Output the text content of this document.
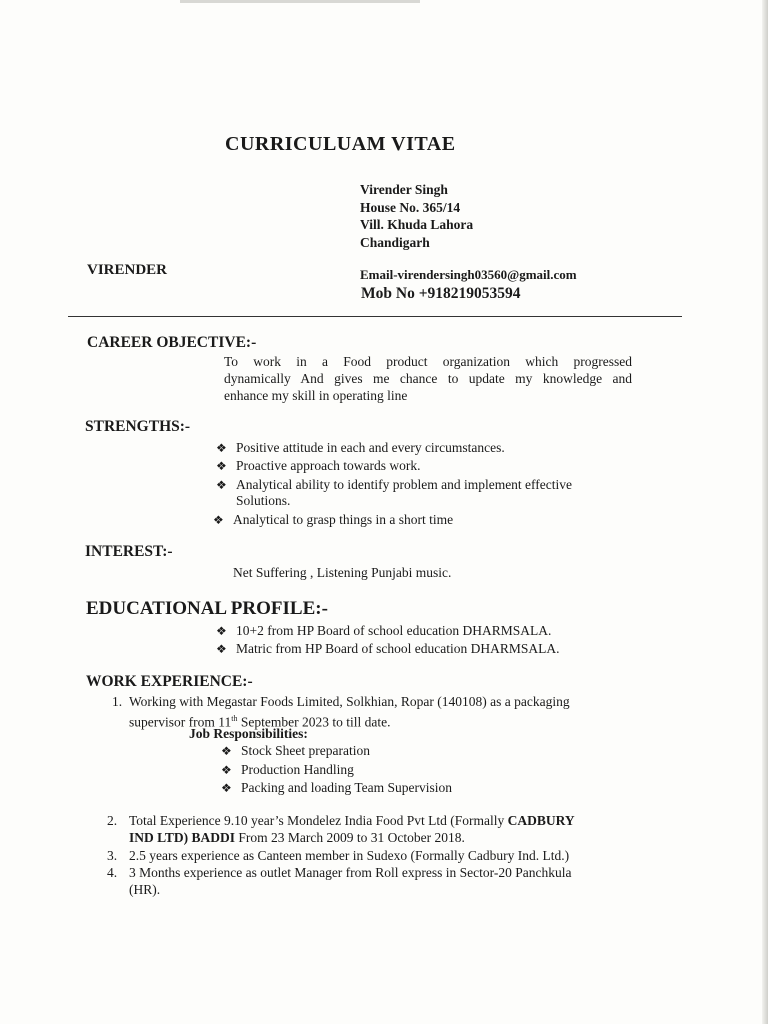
CURRICULUAM VITAE
Virender Singh
House No. 365/14
Vill. Khuda Lahora
Chandigarh
VIRENDER	Email-virendersingh03560@gmail.com
Mob No +918219053594
CAREER OBJECTIVE:-
To work in a Food product organization which progressed
dynamically And gives me chance to update my knowledge and
enhance my skill in operating line
STRENGTHS:-
❖ Positive attitude in each and every circumstances.
❖ Proactive approach towards work.
❖ Analytical ability to identify problem and implement effective
Solutions.
❖ Analytical to grasp things in a short time
INTEREST:-
Net Suffering , Listening Punjabi music.
EDUCATIONAL PROFILE:-
❖ 10+2 from HP Board of school education DHARMSALA.
❖ Matric from HP Board of school education DHARMSALA.
WORK EXPERIENCE:-
1. Working with Megastar Foods Limited, Solkhian, Ropar (140108) as a packaging
supervisor from 11th September 2023 to till date.
Job Responsibilities:
❖ Stock Sheet preparation
❖ Production Handling
❖ Packing and loading Team Supervision
2. Total Experience 9.10 year’s Mondelez India Food Pvt Ltd (Formally CADBURY
IND LTD) BADDI From 23 March 2009 to 31 October 2018.
3. 2.5 years experience as Canteen member in Sudexo (Formally Cadbury Ind. Ltd.)
4. 3 Months experience as outlet Manager from Roll express in Sector-20 Panchkula
(HR).
